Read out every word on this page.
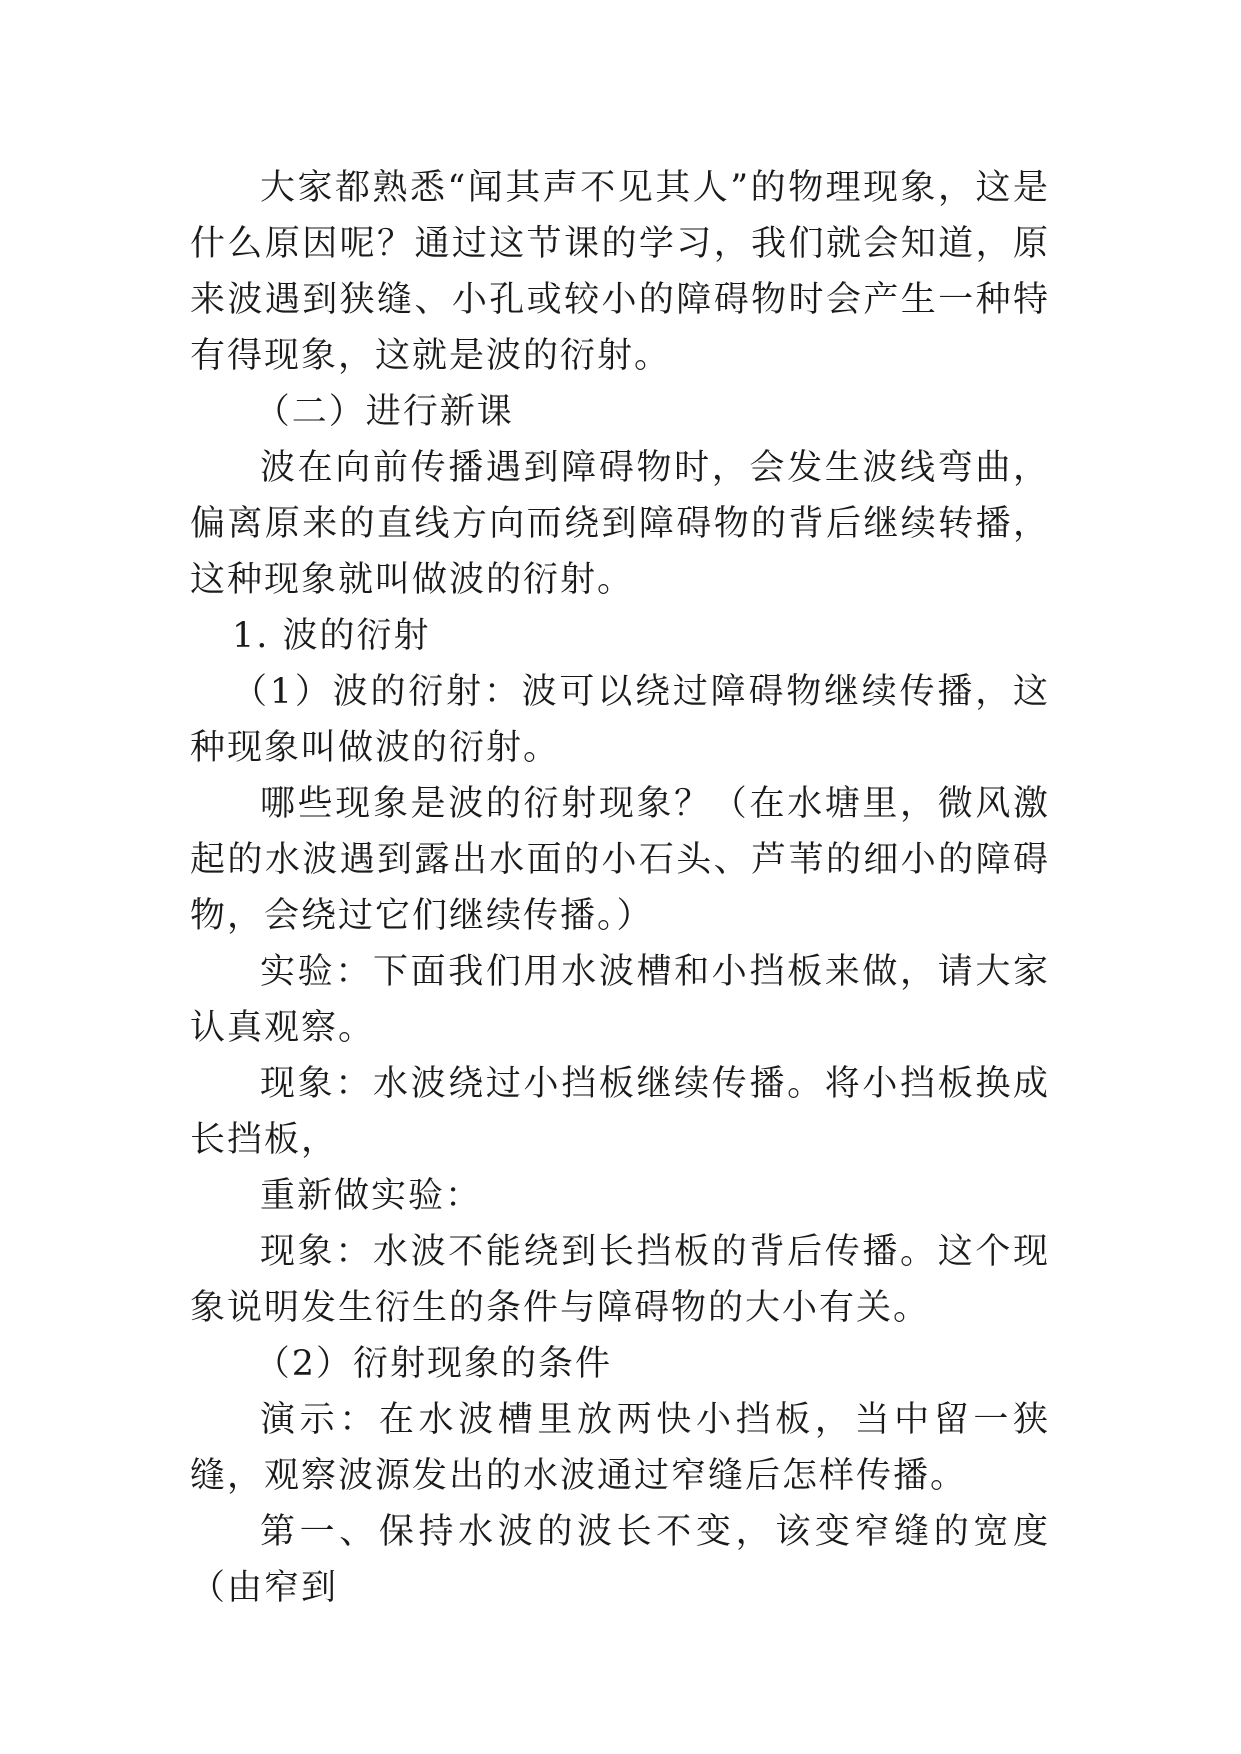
大家都熟悉“闻其声不见其人”的物理现象，这是什么原因呢？通过这节课的学习，我们就会知道，原来波遇到狭缝、小孔或较小的障碍物时会产生一种特有得现象，这就是波的衍射。

（二）进行新课

波在向前传播遇到障碍物时，会发生波线弯曲，偏离原来的直线方向而绕到障碍物的背后继续转播，这种现象就叫做波的衍射。

1. 波的衍射

（1）波的衍射：波可以绕过障碍物继续传播，这种现象叫做波的衍射。

哪些现象是波的衍射现象？（在水塘里，微风激起的水波遇到露出水面的小石头、芦苇的细小的障碍物，会绕过它们继续传播。）

实验：下面我们用水波槽和小挡板来做，请大家认真观察。

现象：水波绕过小挡板继续传播。将小挡板换成长挡板，

重新做实验：

现象：水波不能绕到长挡板的背后传播。这个现象说明发生衍生的条件与障碍物的大小有关。

（2）衍射现象的条件

演示：在水波槽里放两快小挡板，当中留一狭缝，观察波源发出的水波通过窄缝后怎样传播。

第一、保持水波的波长不变，该变窄缝的宽度（由窄到
